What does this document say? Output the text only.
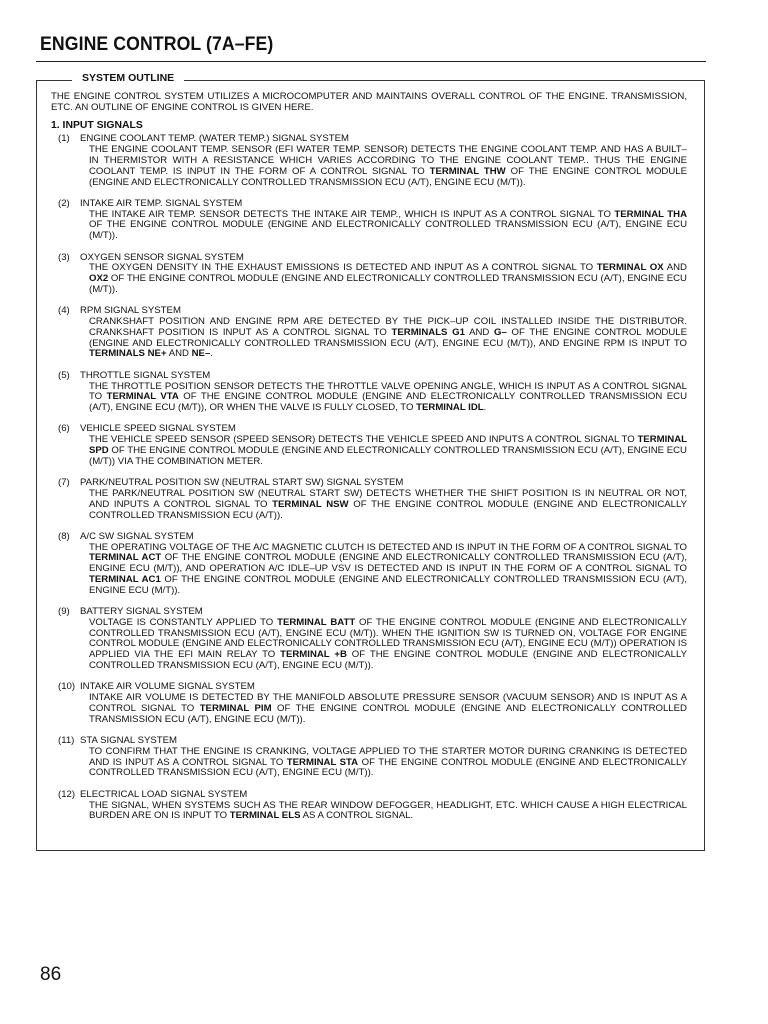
ENGINE CONTROL (7A–FE)
SYSTEM OUTLINE

THE ENGINE CONTROL SYSTEM UTILIZES A MICROCOMPUTER AND MAINTAINS OVERALL CONTROL OF THE ENGINE. TRANSMISSION, ETC. AN OUTLINE OF ENGINE CONTROL IS GIVEN HERE.

1. INPUT SIGNALS
(1) ENGINE COOLANT TEMP. (WATER TEMP.) SIGNAL SYSTEM
THE ENGINE COOLANT TEMP. SENSOR (EFI WATER TEMP. SENSOR) DETECTS THE ENGINE COOLANT TEMP. AND HAS A BUILT–IN THERMISTOR WITH A RESISTANCE WHICH VARIES ACCORDING TO THE ENGINE COOLANT TEMP.. THUS THE ENGINE COOLANT TEMP. IS INPUT IN THE FORM OF A CONTROL SIGNAL TO TERMINAL THW OF THE ENGINE CONTROL MODULE (ENGINE AND ELECTRONICALLY CONTROLLED TRANSMISSION ECU (A/T), ENGINE ECU (M/T)).
(2) INTAKE AIR TEMP. SIGNAL SYSTEM
THE INTAKE AIR TEMP. SENSOR DETECTS THE INTAKE AIR TEMP., WHICH IS INPUT AS A CONTROL SIGNAL TO TERMINAL THA OF THE ENGINE CONTROL MODULE (ENGINE AND ELECTRONICALLY CONTROLLED TRANSMISSION ECU (A/T), ENGINE ECU (M/T)).
(3) OXYGEN SENSOR SIGNAL SYSTEM
THE OXYGEN DENSITY IN THE EXHAUST EMISSIONS IS DETECTED AND INPUT AS A CONTROL SIGNAL TO TERMINAL OX AND OX2 OF THE ENGINE CONTROL MODULE (ENGINE AND ELECTRONICALLY CONTROLLED TRANSMISSION ECU (A/T), ENGINE ECU (M/T)).
(4) RPM SIGNAL SYSTEM
CRANKSHAFT POSITION AND ENGINE RPM ARE DETECTED BY THE PICK–UP COIL INSTALLED INSIDE THE DISTRIBUTOR. CRANKSHAFT POSITION IS INPUT AS A CONTROL SIGNAL TO TERMINALS G1 AND G– OF THE ENGINE CONTROL MODULE (ENGINE AND ELECTRONICALLY CONTROLLED TRANSMISSION ECU (A/T), ENGINE ECU (M/T)), AND ENGINE RPM IS INPUT TO TERMINALS NE+ AND NE–.
(5) THROTTLE SIGNAL SYSTEM
THE THROTTLE POSITION SENSOR DETECTS THE THROTTLE VALVE OPENING ANGLE, WHICH IS INPUT AS A CONTROL SIGNAL TO TERMINAL VTA OF THE ENGINE CONTROL MODULE (ENGINE AND ELECTRONICALLY CONTROLLED TRANSMISSION ECU (A/T), ENGINE ECU (M/T)), OR WHEN THE VALVE IS FULLY CLOSED, TO TERMINAL IDL.
(6) VEHICLE SPEED SIGNAL SYSTEM
THE VEHICLE SPEED SENSOR (SPEED SENSOR) DETECTS THE VEHICLE SPEED AND INPUTS A CONTROL SIGNAL TO TERMINAL SPD OF THE ENGINE CONTROL MODULE (ENGINE AND ELECTRONICALLY CONTROLLED TRANSMISSION ECU (A/T), ENGINE ECU (M/T)) VIA THE COMBINATION METER.
(7) PARK/NEUTRAL POSITION SW (NEUTRAL START SW) SIGNAL SYSTEM
THE PARK/NEUTRAL POSITION SW (NEUTRAL START SW) DETECTS WHETHER THE SHIFT POSITION IS IN NEUTRAL OR NOT, AND INPUTS A CONTROL SIGNAL TO TERMINAL NSW OF THE ENGINE CONTROL MODULE (ENGINE AND ELECTRONICALLY CONTROLLED TRANSMISSION ECU (A/T)).
(8) A/C SW SIGNAL SYSTEM
THE OPERATING VOLTAGE OF THE A/C MAGNETIC CLUTCH IS DETECTED AND IS INPUT IN THE FORM OF A CONTROL SIGNAL TO TERMINAL ACT OF THE ENGINE CONTROL MODULE (ENGINE AND ELECTRONICALLY CONTROLLED TRANSMISSION ECU (A/T), ENGINE ECU (M/T)), AND OPERATION A/C IDLE–UP VSV IS DETECTED AND IS INPUT IN THE FORM OF A CONTROL SIGNAL TO TERMINAL AC1 OF THE ENGINE CONTROL MODULE (ENGINE AND ELECTRONICALLY CONTROLLED TRANSMISSION ECU (A/T), ENGINE ECU (M/T)).
(9) BATTERY SIGNAL SYSTEM
VOLTAGE IS CONSTANTLY APPLIED TO TERMINAL BATT OF THE ENGINE CONTROL MODULE (ENGINE AND ELECTRONICALLY CONTROLLED TRANSMISSION ECU (A/T), ENGINE ECU (M/T)). WHEN THE IGNITION SW IS TURNED ON, VOLTAGE FOR ENGINE CONTROL MODULE (ENGINE AND ELECTRONICALLY CONTROLLED TRANSMISSION ECU (A/T), ENGINE ECU (M/T)) OPERATION IS APPLIED VIA THE EFI MAIN RELAY TO TERMINAL +B OF THE ENGINE CONTROL MODULE (ENGINE AND ELECTRONICALLY CONTROLLED TRANSMISSION ECU (A/T), ENGINE ECU (M/T)).
(10) INTAKE AIR VOLUME SIGNAL SYSTEM
INTAKE AIR VOLUME IS DETECTED BY THE MANIFOLD ABSOLUTE PRESSURE SENSOR (VACUUM SENSOR) AND IS INPUT AS A CONTROL SIGNAL TO TERMINAL PIM OF THE ENGINE CONTROL MODULE (ENGINE AND ELECTRONICALLY CONTROLLED TRANSMISSION ECU (A/T), ENGINE ECU (M/T)).
(11) STA SIGNAL SYSTEM
TO CONFIRM THAT THE ENGINE IS CRANKING, VOLTAGE APPLIED TO THE STARTER MOTOR DURING CRANKING IS DETECTED AND IS INPUT AS A CONTROL SIGNAL TO TERMINAL STA OF THE ENGINE CONTROL MODULE (ENGINE AND ELECTRONICALLY CONTROLLED TRANSMISSION ECU (A/T), ENGINE ECU (M/T)).
(12) ELECTRICAL LOAD SIGNAL SYSTEM
THE SIGNAL, WHEN SYSTEMS SUCH AS THE REAR WINDOW DEFOGGER, HEADLIGHT, ETC. WHICH CAUSE A HIGH ELECTRICAL BURDEN ARE ON IS INPUT TO TERMINAL ELS AS A CONTROL SIGNAL.
86
